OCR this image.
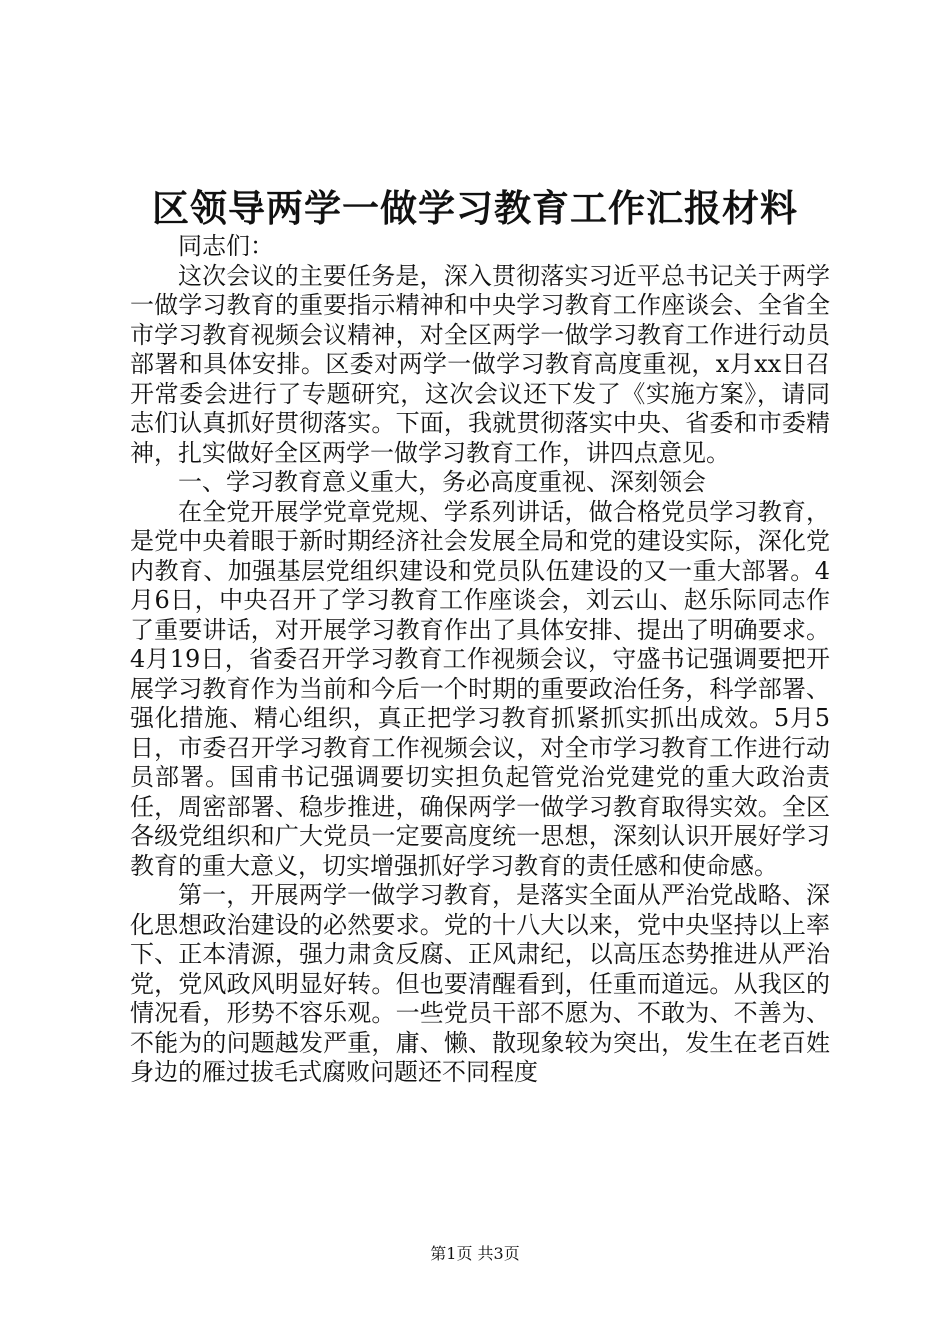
区领导两学一做学习教育工作汇报材料

同志们：

这次会议的主要任务是，深入贯彻落实习近平总书记关于两学一做学习教育的重要指示精神和中央学习教育工作座谈会、全省全市学习教育视频会议精神，对全区两学一做学习教育工作进行动员部署和具体安排。区委对两学一做学习教育高度重视，x月xx日召开常委会进行了专题研究，这次会议还下发了《实施方案》，请同志们认真抓好贯彻落实。下面，我就贯彻落实中央、省委和市委精神，扎实做好全区两学一做学习教育工作，讲四点意见。

一、学习教育意义重大，务必高度重视、深刻领会

在全党开展学党章党规、学系列讲话，做合格党员学习教育，是党中央着眼于新时期经济社会发展全局和党的建设实际，深化党内教育、加强基层党组织建设和党员队伍建设的又一重大部署。4月6日，中央召开了学习教育工作座谈会，刘云山、赵乐际同志作了重要讲话，对开展学习教育作出了具体安排、提出了明确要求。4月19日，省委召开学习教育工作视频会议，守盛书记强调要把开展学习教育作为当前和今后一个时期的重要政治任务，科学部署、强化措施、精心组织，真正把学习教育抓紧抓实抓出成效。5月5日，市委召开学习教育工作视频会议，对全市学习教育工作进行动员部署。国甫书记强调要切实担负起管党治党建党的重大政治责任，周密部署、稳步推进，确保两学一做学习教育取得实效。全区各级党组织和广大党员一定要高度统一思想，深刻认识开展好学习教育的重大意义，切实增强抓好学习教育的责任感和使命感。

第一，开展两学一做学习教育，是落实全面从严治党战略、深化思想政治建设的必然要求。党的十八大以来，党中央坚持以上率下、正本清源，强力肃贪反腐、正风肃纪，以高压态势推进从严治党，党风政风明显好转。但也要清醒看到，任重而道远。从我区的情况看，形势不容乐观。一些党员干部不愿为、不敢为、不善为、不能为的问题越发严重，庸、懒、散现象较为突出，发生在老百姓身边的雁过拔毛式腐败问题还不同程度

第1页 共3页
